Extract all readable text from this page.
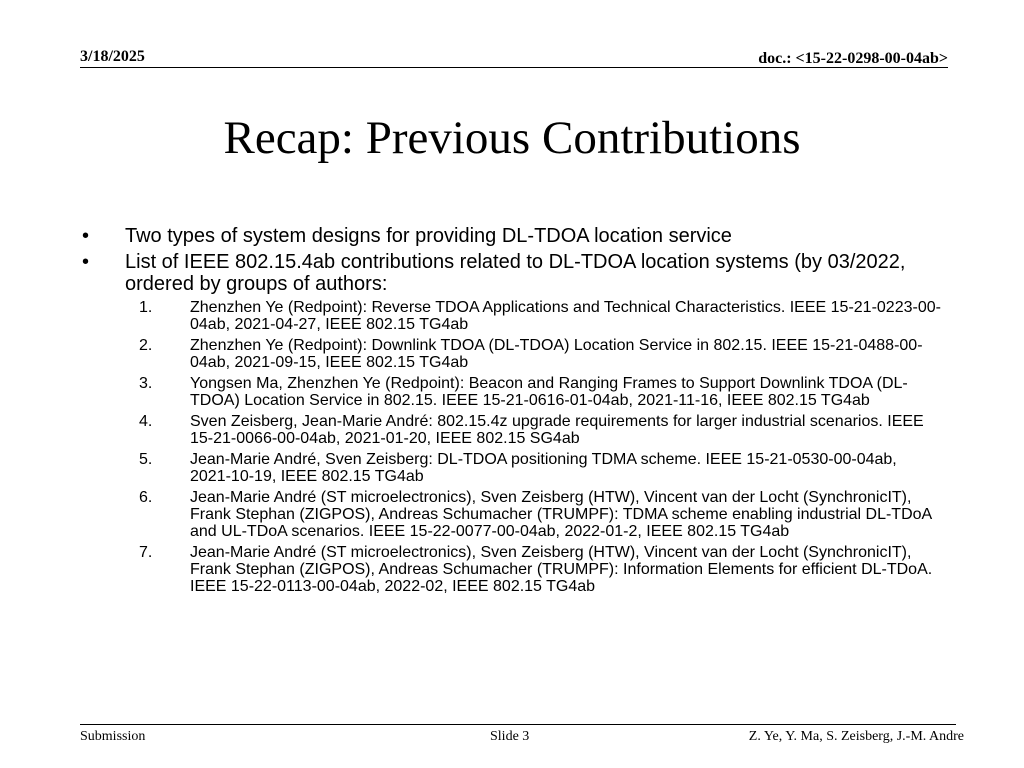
3/18/2025	doc.: <15-22-0298-00-04ab>
Recap: Previous Contributions
•	Two types of system designs for providing DL-TDOA location service
•	List of IEEE 802.15.4ab contributions related to DL-TDOA location systems (by 03/2022, ordered by groups of authors:
1.	Zhenzhen Ye (Redpoint): Reverse TDOA Applications and Technical Characteristics. IEEE 15-21-0223-00-04ab, 2021-04-27, IEEE 802.15 TG4ab
2.	Zhenzhen Ye (Redpoint): Downlink TDOA (DL-TDOA) Location Service in 802.15. IEEE 15-21-0488-00-04ab, 2021-09-15, IEEE 802.15 TG4ab
3.	Yongsen Ma, Zhenzhen Ye (Redpoint): Beacon and Ranging Frames to Support Downlink TDOA (DL-TDOA) Location Service in 802.15. IEEE 15-21-0616-01-04ab, 2021-11-16, IEEE 802.15 TG4ab
4.	Sven Zeisberg, Jean-Marie André: 802.15.4z upgrade requirements for larger industrial scenarios. IEEE 15-21-0066-00-04ab, 2021-01-20, IEEE 802.15 SG4ab
5.	Jean-Marie André, Sven Zeisberg: DL-TDOA positioning TDMA scheme. IEEE 15-21-0530-00-04ab, 2021-10-19, IEEE 802.15 TG4ab
6.	Jean-Marie André (ST microelectronics), Sven Zeisberg (HTW), Vincent van der Locht (SynchronicIT), Frank Stephan (ZIGPOS), Andreas Schumacher (TRUMPF): TDMA scheme enabling industrial DL-TDoA and UL-TDoA scenarios. IEEE 15-22-0077-00-04ab, 2022-01-2, IEEE 802.15 TG4ab
7.	Jean-Marie André (ST microelectronics), Sven Zeisberg (HTW), Vincent van der Locht (SynchronicIT), Frank Stephan (ZIGPOS), Andreas Schumacher (TRUMPF): Information Elements for efficient DL-TDoA. IEEE 15-22-0113-00-04ab, 2022-02, IEEE 802.15 TG4ab
Submission	Slide 3	Z. Ye, Y. Ma, S. Zeisberg, J.-M. Andre
